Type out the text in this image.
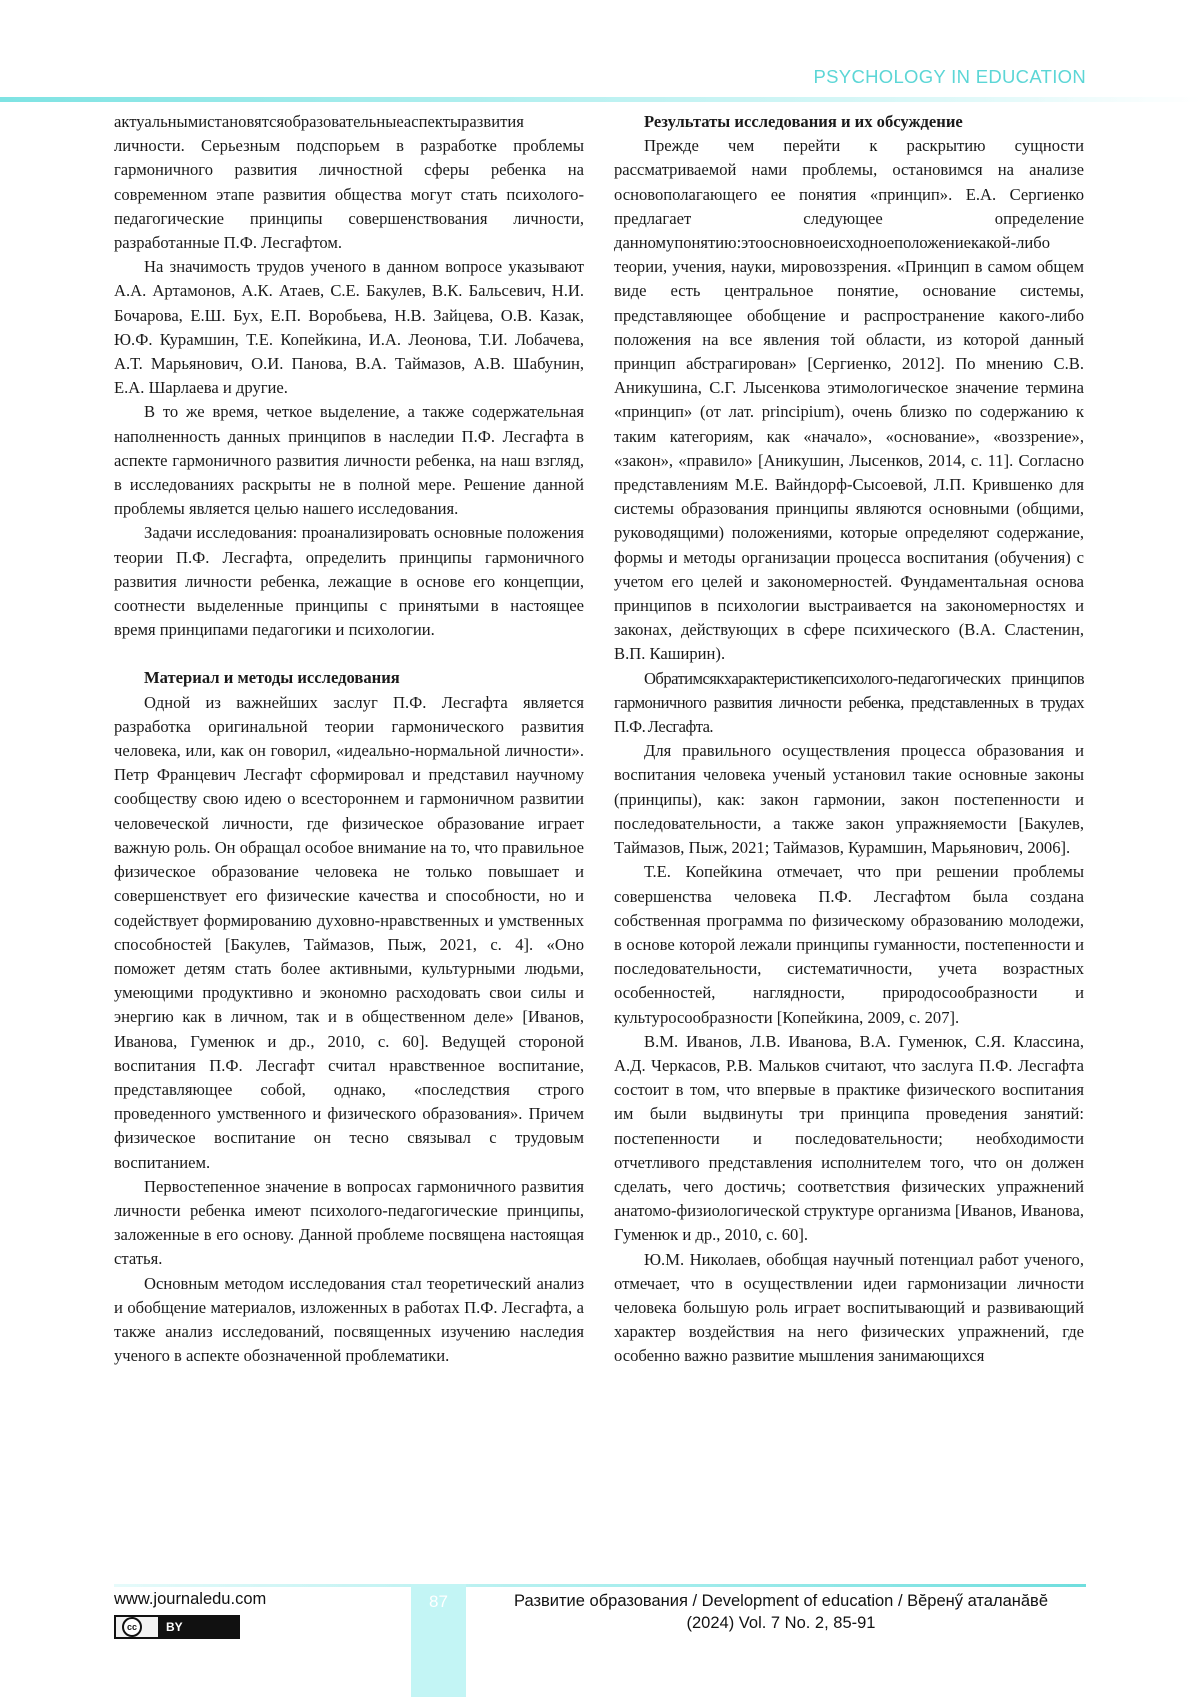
PSYCHOLOGY IN EDUCATION

актуальнымистановятсяобразовательныеаспектыразвития личности. Серьезным подспорьем в разработке проблемы гармоничного развития личностной сферы ребенка на современном этапе развития общества могут стать психолого-педагогические принципы совершенствования личности, разработанные П.Ф. Лесгафтом.

На значимость трудов ученого в данном вопросе указывают А.А. Артамонов, А.К. Атаев, С.Е. Бакулев, В.К. Бальсевич, Н.И. Бочарова, Е.Ш. Бух, Е.П. Воробьева, Н.В. Зайцева, О.В. Казак, Ю.Ф. Курамшин, Т.Е. Копейкина, И.А. Леонова, Т.И. Лобачева, А.Т. Марьянович, О.И. Панова, В.А. Таймазов, А.В. Шабунин, Е.А. Шарлаева и другие.

В то же время, четкое выделение, а также содержательная наполненность данных принципов в наследии П.Ф. Лесгафта в аспекте гармоничного развития личности ребенка, на наш взгляд, в исследованиях раскрыты не в полной мере. Решение данной проблемы является целью нашего исследования.

Задачи исследования: проанализировать основные положения теории П.Ф. Лесгафта, определить принципы гармоничного развития личности ребенка, лежащие в основе его концепции, соотнести выделенные принципы с принятыми в настоящее время принципами педагогики и психологии.

Материал и методы исследования

Одной из важнейших заслуг П.Ф. Лесгафта является разработка оригинальной теории гармонического развития человека, или, как он говорил, «идеально-нормальной личности». Петр Францевич Лесгафт сформировал и представил научному сообществу свою идею о всестороннем и гармоничном развитии человеческой личности, где физическое образование играет важную роль. Он обращал особое внимание на то, что правильное физическое образование человека не только повышает и совершенствует его физические качества и способности, но и содействует формированию духовно-нравственных и умственных способностей [Бакулев, Таймазов, Пыж, 2021, с. 4]. «Оно поможет детям стать более активными, культурными людьми, умеющими продуктивно и экономно расходовать свои силы и энергию как в личном, так и в общественном деле» [Иванов, Иванова, Гуменюк и др., 2010, с. 60]. Ведущей стороной воспитания П.Ф. Лесгафт считал нравственное воспитание, представляющее собой, однако, «последствия строго проведенного умственного и физического образования». Причем физическое воспитание он тесно связывал с трудовым воспитанием.

Первостепенное значение в вопросах гармоничного развития личности ребенка имеют психолого-педагогические принципы, заложенные в его основу. Данной проблеме посвящена настоящая статья.

Основным методом исследования стал теоретический анализ и обобщение материалов, изложенных в работах П.Ф. Лесгафта, а также анализ исследований, посвященных изучению наследия ученого в аспекте обозначенной проблематики.

Результаты исследования и их обсуждение

Прежде чем перейти к раскрытию сущности рассматриваемой нами проблемы, остановимся на анализе основополагающего ее понятия «принцип». Е.А. Сергиенко предлагает следующее определение данномупонятию:этоосновноеисходноеположениекакой-либо теории, учения, науки, мировоззрения. «Принцип в самом общем виде есть центральное понятие, основание системы, представляющее обобщение и распространение какого-либо положения на все явления той области, из которой данный принцип абстрагирован» [Сергиенко, 2012]. По мнению С.В. Аникушина, С.Г. Лысенкова этимологическое значение термина «принцип» (от лат. principium), очень близко по содержанию к таким категориям, как «начало», «основание», «воззрение», «закон», «правило» [Аникушин, Лысенков, 2014, с. 11]. Согласно представлениям М.Е. Вайндорф-Сысоевой, Л.П. Крившенко для системы образования принципы являются основными (общими, руководящими) положениями, которые определяют содержание, формы и методы организации процесса воспитания (обучения) с учетом его целей и закономерностей. Фундаментальная основа принципов в психологии выстраивается на закономерностях и законах, действующих в сфере психического (В.А. Сластенин, В.П. Каширин).

Обратимсякхарактеристикепсихолого-педагогических принципов гармоничного развития личности ребенка, представленных в трудах П.Ф. Лесгафта.

Для правильного осуществления процесса образования и воспитания человека ученый установил такие основные законы (принципы), как: закон гармонии, закон постепенности и последовательности, а также закон упражняемости [Бакулев, Таймазов, Пыж, 2021; Таймазов, Курамшин, Марьянович, 2006].

Т.Е. Копейкина отмечает, что при решении проблемы совершенства человека П.Ф. Лесгафтом была создана собственная программа по физическому образованию молодежи, в основе которой лежали принципы гуманности, постепенности и последовательности, систематичности, учета возрастных особенностей, наглядности, природосообразности и культуросообразности [Копейкина, 2009, с. 207].

В.М. Иванов, Л.В. Иванова, В.А. Гуменюк, С.Я. Классина, А.Д. Черкасов, Р.В. Мальков считают, что заслуга П.Ф. Лесгафта состоит в том, что впервые в практике физического воспитания им были выдвинуты три принципа проведения занятий: постепенности и последовательности; необходимости отчетливого представления исполнителем того, что он должен сделать, чего достичь; соответствия физических упражнений анатомо-физиологической структуре организма [Иванов, Иванова, Гуменюк и др., 2010, с. 60].

Ю.М. Николаев, обобщая научный потенциал работ ученого, отмечает, что в осуществлении идеи гармонизации личности человека большую роль играет воспитывающий и развивающий характер воздействия на него физических упражнений, где особенно важно развитие мышления занимающихся

87
www.journaledu.com
cc	BY
Развитие образования / Development of education / Вĕренӳ аталанăвĕ
(2024) Vol. 7 No. 2, 85-91
